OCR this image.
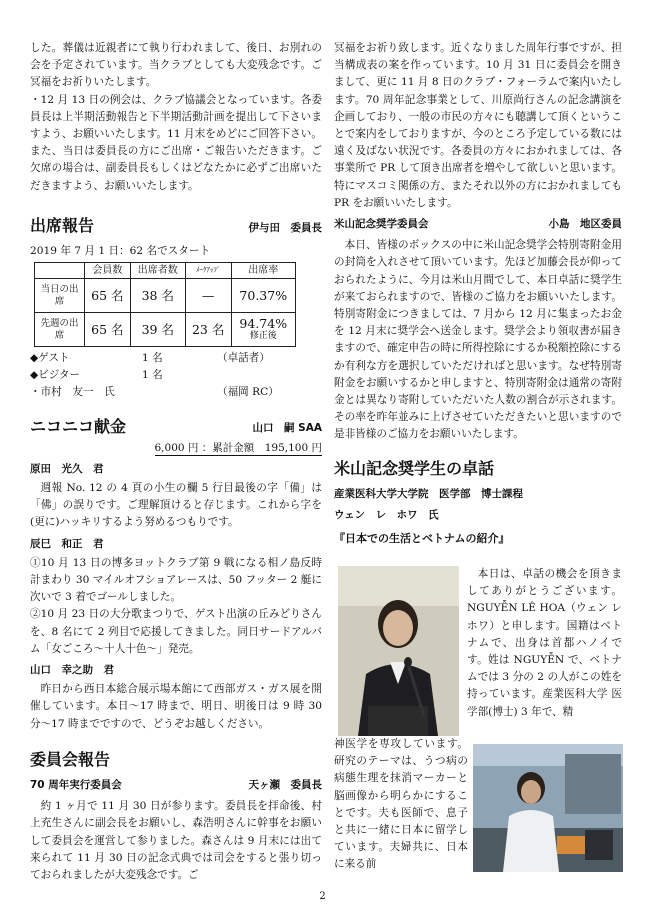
した。葬儀は近親者にて執り行われまして、後日、お別れの会を予定されています。当クラブとしても大変残念です。ご冥福をお祈りいたします。

・12 月 13 日の例会は、クラブ協議会となっています。各委員長は上半期活動報告と下半期活動計画を提出して下さいますよう、お願いいたします。11 月末をめどにご回答下さい。また、当日は委員長の方にご出席・ご報告いただきます。ご欠席の場合は、副委員長もしくはどなたかに必ずご出席いただきますよう、お願いいたします。

出席報告	伊与田　委員長
2019 年 7 月 1 日：62 名でスタート
	会員数	出席者数	ﾒｰｸｱｯﾌﾟ	出席率
当日の出席	65 名	38 名	—	70.37%
先週の出席	65 名	39 名	23 名	94.74%
修正後
◆ゲスト	1 名	（卓話者）
◆ビジター	1 名
・市村　友一　氏	（福岡 RC）
ニコニコ献金	山口　嗣 SAA
6,000 円 ：累計金額　195,100 円
原田　光久　君

週報 No. 12 の 4 頁の小生の欄 5 行目最後の字「備」は「佛」の誤りです。ご理解頂けると存じます。これから字を(更に)ハッキリするよう努めるつもりです。

辰巳　和正　君

①10 月 13 日の博多ヨットクラブ第 9 戦になる相ノ島反時計まわり 30 マイルオフショアレースは、50 フッター 2 艇に次いで 3 着でゴールしました。

②10 月 23 日の大分歌まつりで、ゲスト出演の丘みどりさんを、8 名にて 2 列目で応援してきました。同日サードアルバム「女ごころ〜十人十色〜」発売。

山口　幸之助　君

昨日から西日本総合展示場本館にて西部ガス・ガス展を開催しています。本日〜17 時まで、明日、明後日は 9 時 30 分〜17 時までですので、どうぞお越しください。

委員会報告
70 周年実行委員会	天ヶ瀬　委員長

約 1 ヶ月で 11 月 30 日が参ります。委員長を拝命後、村上充生さんに副会長をお願いし、森浩明さんに幹事をお願いして委員会を運営して参りました。森さんは 9 月末には出て来られて 11 月 30 日の記念式典では司会をすると張り切っておられましたが大変残念です。ご

冥福をお祈り致します。近くなりました周年行事ですが、担当構成表の案を作っています。10 月 31 日に委員会を開きまして、更に 11 月 8 日のクラブ・フォーラムで案内いたします。70 周年記念事業として、川原尚行さんの記念講演を企画しており、一般の市民の方々にも聴講して頂くということで案内をしておりますが、今のところ予定している数には遠く及ばない状況です。各委員の方々におかれましては、各事業所で PR して頂き出席者を増やして欲しいと思います。特にマスコミ関係の方、またそれ以外の方におかれましても PR をお願いいたします。

米山記念奨学委員会	小島　地区委員

本日、皆様のボックスの中に米山記念奨学会特別寄附金用の封筒を入れさせて頂いています。先ほど加藤会長が仰っておられたように、今月は米山月間でして、本日卓話に奨学生が来ておられますので、皆様のご協力をお願いいたします。特別寄附金につきましては、7 月から 12 月に集まったお金を 12 月末に奨学会へ送金します。奨学会より領収書が届きますので、確定申告の時に所得控除にするか税額控除にするか有利な方を選択していただければと思います。なぜ特別寄附金をお願いするかと申しますと、特別寄附金は通常の寄附金とは異なり寄附していただいた人数の割合が示されます。その率を昨年並みに上げさせていただきたいと思いますので是非皆様のご協力をお願いいたします。

米山記念奨学生の卓話
産業医科大学大学院　医学部　博士課程
ウェン　レ　ホワ　氏
『日本での生活とベトナムの紹介』

本日は、卓話の機会を頂きましてありがとうございます。NGUYỄN LÊ HOA（ウェン レ ホワ）と申します。国籍はベトナムで、出身は首都ハノイです。姓は NGUYỄN で、ベトナムでは 3 分の 2 の人がこの姓を持っています。産業医科大学 医学部(博士) 3 年で、精

神医学を専攻しています。研究のテーマは、うつ病の病態生理を抹消マーカーと脳画像から明らかにすることです。夫も医師で、息子と共に一緒に日本に留学しています。夫婦共に、日本に来る前

2
